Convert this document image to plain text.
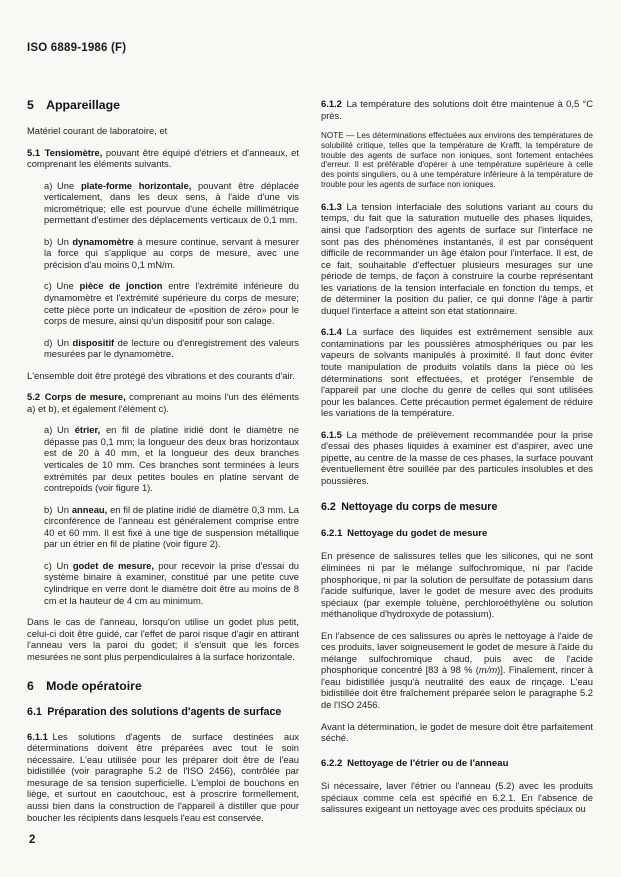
ISO 6889-1986 (F)
5 Appareillage
Matériel courant de laboratoire, et
5.1 Tensiomètre, pouvant être équipé d'étriers et d'anneaux, et comprenant les éléments suivants.
a) Une plate-forme horizontale, pouvant être déplacée verticalement, dans les deux sens, à l'aide d'une vis micrométrique; elle est pourvue d'une échelle millimétrique permettant d'estimer des déplacements verticaux de 0,1 mm.
b) Un dynamomètre à mesure continue, servant à mesurer la force qui s'applique au corps de mesure, avec une précision d'au moins 0,1 mN/m.
c) Une pièce de jonction entre l'extrémité inférieure du dynamomètre et l'extrémité supérieure du corps de mesure; cette pièce porte un indicateur de «position de zéro» pour le corps de mesure, ainsi qu'un dispositif pour son calage.
d) Un dispositif de lecture ou d'enregistrement des valeurs mesurées par le dynamomètre.
L'ensemble doit être protégé des vibrations et des courants d'air.
5.2 Corps de mesure, comprenant au moins l'un des éléments a) et b), et également l'élément c).
a) Un étrier, en fil de platine iridié dont le diamètre ne dépasse pas 0,1 mm; la longueur des deux bras horizontaux est de 20 à 40 mm, et la longueur des deux branches verticales de 10 mm. Ces branches sont terminées à leurs extrémités par deux petites boules en platine servant de contrepoids (voir figure 1).
b) Un anneau, en fil de platine iridié de diamètre 0,3 mm. La circonférence de l'anneau est généralement comprise entre 40 et 60 mm. Il est fixé à une tige de suspension métallique par un étrier en fil de platine (voir figure 2).
c) Un godet de mesure, pour recevoir la prise d'essai du système binaire à examiner, constitué par une petite cuve cylindrique en verre dont le diamètre doit être au moins de 8 cm et la hauteur de 4 cm au minimum.
Dans le cas de l'anneau, lorsqu'on utilise un godet plus petit, celui-ci doit être guidé, car l'effet de paroi risque d'agir en attirant l'anneau vers la paroi du godet; il s'ensuit que les forces mesurées ne sont plus perpendiculaires à la surface horizontale.
6 Mode opératoire
6.1 Préparation des solutions d'agents de surface
6.1.1 Les solutions d'agents de surface destinées aux déterminations doivent être préparées avec tout le soin nécessaire. L'eau utilisée pour les préparer doit être de l'eau bidistillée (voir paragraphe 5.2 de l'ISO 2456), contrôlée par mesurage de sa tension superficielle. L'emploi de bouchons en liège, et surtout en caoutchouc, est à proscrire formellement, aussi bien dans la construction de l'appareil à distiller que pour boucher les récipients dans lesquels l'eau est conservée.
6.1.2 La température des solutions doit être maintenue à 0,5 °C près.
NOTE — Les déterminations effectuées aux environs des températures de solubilité critique, telles que la température de Krafft, la température de trouble des agents de surface non ioniques, sont fortement entachées d'erreur. Il est préférable d'opérer à une température supérieure à celle des points singuliers, ou à une température inférieure à la température de trouble pour les agents de surface non ioniques.
6.1.3 La tension interfaciale des solutions variant au cours du temps, du fait que la saturation mutuelle des phases liquides, ainsi que l'adsorption des agents de surface sur l'interface ne sont pas des phénomènes instantanés, il est par conséquent difficile de recommander un âge étalon pour l'interface. Il est, de ce fait, souhaitable d'effectuer plusieurs mesurages sur une période de temps, de façon à construire la courbe représentant les variations de la tension interfaciale en fonction du temps, et de déterminer la position du palier, ce qui donne l'âge à partir duquel l'interface a atteint son état stationnaire.
6.1.4 La surface des liquides est extrêmement sensible aux contaminations par les poussières atmosphériques ou par les vapeurs de solvants manipulés à proximité. Il faut donc éviter toute manipulation de produits volatils dans la pièce où les déterminations sont effectuées, et protéger l'ensemble de l'appareil par une cloche du genre de celles qui sont utilisées pour les balances. Cette précaution permet également de réduire les variations de la température.
6.1.5 La méthode de prélèvement recommandée pour la prise d'essai des phases liquides à examiner est d'aspirer, avec une pipette, au centre de la masse de ces phases, la surface pouvant éventuellement être souillée par des particules insolubles et des poussières.
6.2 Nettoyage du corps de mesure
6.2.1 Nettoyage du godet de mesure
En présence de salissures telles que les silicones, qui ne sont éliminées ni par le mélange sulfochromique, ni par l'acide phosphorique, ni par la solution de persulfate de potassium dans l'acide sulfurique, laver le godet de mesure avec des produits spéciaux (par exemple toluène, perchloroéthylène ou solution méthanolique d'hydroxyde de potassium).
En l'absence de ces salissures ou après le nettoyage à l'aide de ces produits, laver soigneusement le godet de mesure à l'aide du mélange sulfochromique chaud, puis avec de l'acide phosphorique concentré [83 à 98 % (m/m)]. Finalement, rincer à l'eau bidistillée jusqu'à neutralité des eaux de rinçage. L'eau bidistillée doit être fraîchement préparée selon le paragraphe 5.2 de l'ISO 2456.
Avant la détermination, le godet de mesure doit être parfaitement séché.
6.2.2 Nettoyage de l'étrier ou de l'anneau
Si nécessaire, laver l'étrier ou l'anneau (5.2) avec les produits spéciaux comme cela est spécifié en 6.2.1. En l'absence de salissures exigeant un nettoyage avec ces produits spéciaux ou
2
